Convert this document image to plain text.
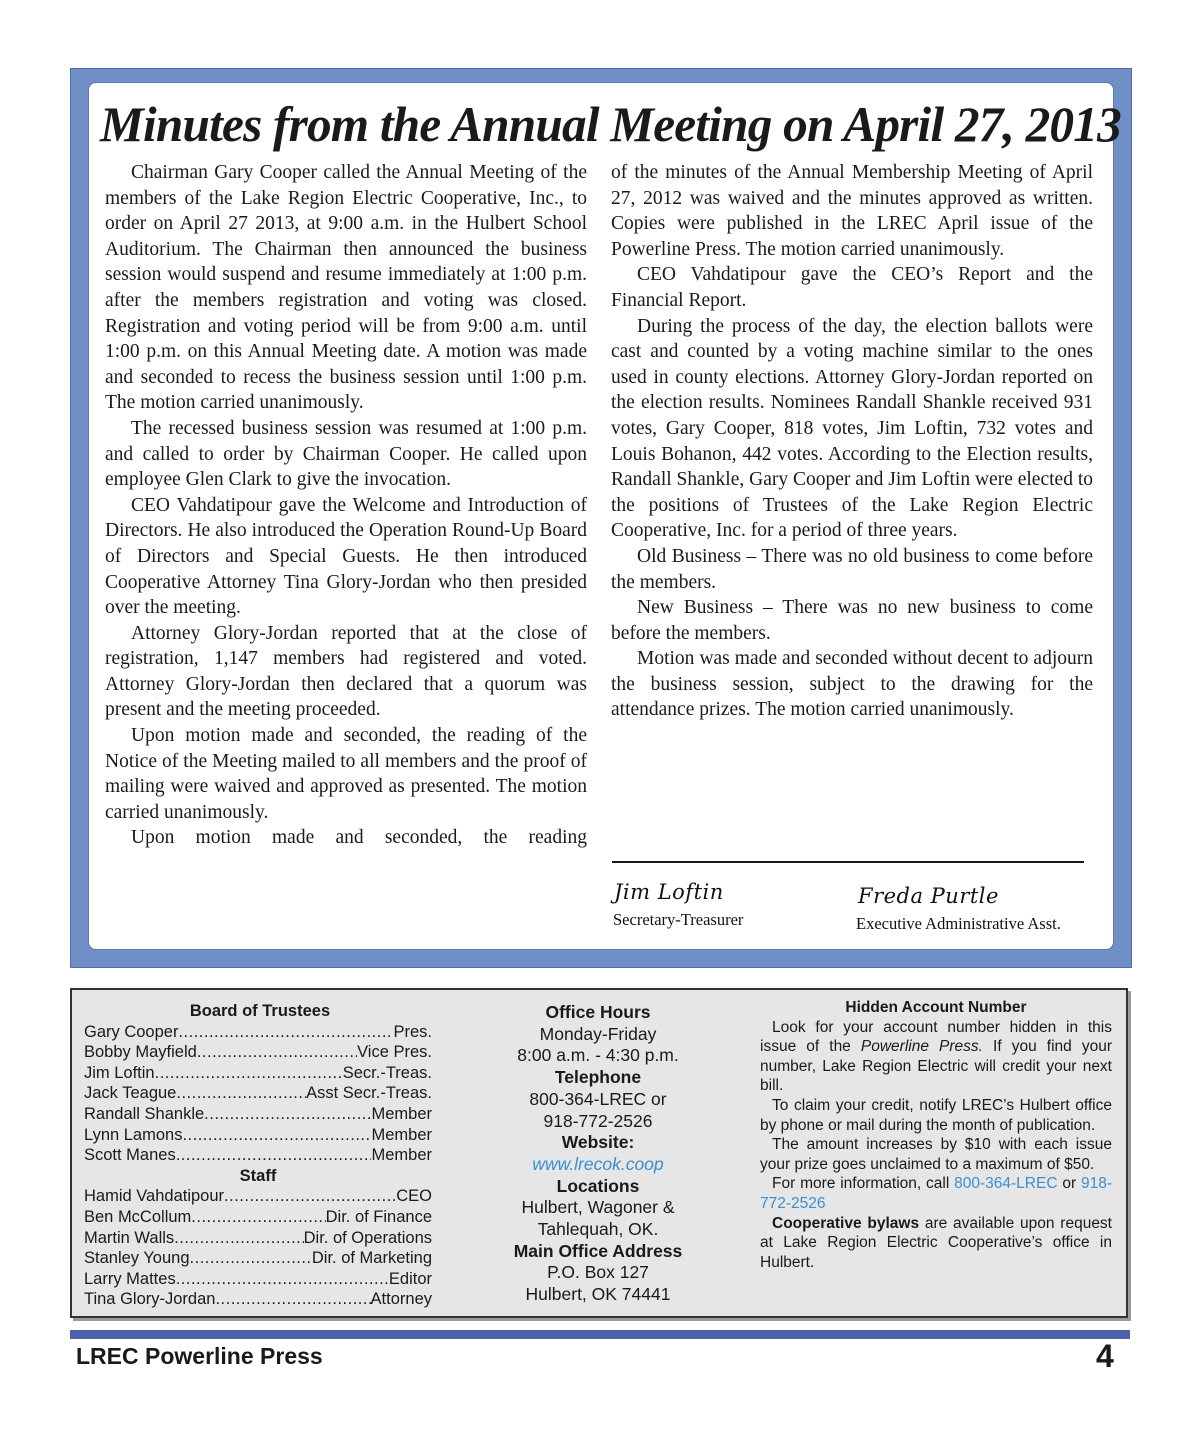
Minutes from the Annual Meeting on April 27, 2013

Chairman Gary Cooper called the Annual Meeting of the members of the Lake Region Electric Cooperative, Inc., to order on April 27 2013, at 9:00 a.m. in the Hulbert School Auditorium. The Chairman then announced the business session would suspend and resume immediately at 1:00 p.m. after the members registration and voting was closed. Registration and voting period will be from 9:00 a.m. until 1:00 p.m. on this Annual Meeting date. A motion was made and seconded to recess the business session until 1:00 p.m. The motion carried unanimously.

The recessed business session was resumed at 1:00 p.m. and called to order by Chairman Cooper. He called upon employee Glen Clark to give the invocation.

CEO Vahdatipour gave the Welcome and Introduction of Directors. He also introduced the Operation Round-Up Board of Directors and Special Guests. He then introduced Cooperative Attorney Tina Glory-Jordan who then presided over the meeting.

Attorney Glory-Jordan reported that at the close of registration, 1,147 members had registered and voted. Attorney Glory-Jordan then declared that a quorum was present and the meeting proceeded.

Upon motion made and seconded, the reading of the Notice of the Meeting mailed to all members and the proof of mailing were waived and approved as presented. The motion carried unanimously.

Upon motion made and seconded, the reading

of the minutes of the Annual Membership Meeting of April 27, 2012 was waived and the minutes approved as written. Copies were published in the LREC April issue of the Powerline Press. The motion carried unanimously.

CEO Vahdatipour gave the CEO’s Report and the Financial Report.

During the process of the day, the election ballots were cast and counted by a voting machine similar to the ones used in county elections. Attorney Glory-Jordan reported on the election results. Nominees Randall Shankle received 931 votes, Gary Cooper, 818 votes, Jim Loftin, 732 votes and Louis Bohanon, 442 votes. According to the Election results, Randall Shankle, Gary Cooper and Jim Loftin were elected to the positions of Trustees of the Lake Region Electric Cooperative, Inc. for a period of three years.

Old Business – There was no old business to come before the members.

New Business – There was no new business to come before the members.

Motion was made and seconded without decent to adjourn the business session, subject to the drawing for the attendance prizes. The motion carried unanimously.

Jim Loftin
Secretary-Treasurer
Freda Purtle
Executive Administrative Asst.
Board of Trustees
Gary Cooper .....	Pres.
Bobby Mayfield .....	Vice Pres.
Jim Loftin .....	Secr.-Treas.
Jack Teague .....	Asst Secr.-Treas.
Randall Shankle .....	Member
Lynn Lamons .....	Member
Scott Manes .....	Member
Staff
Hamid Vahdatipour .....	CEO
Ben McCollum .....	Dir. of Finance
Martin Walls .....	Dir. of Operations
Stanley Young .....	Dir. of Marketing
Larry Mattes .....	Editor
Tina Glory-Jordan .....	Attorney
Office Hours
Monday-Friday
8:00 a.m. - 4:30 p.m.
Telephone
800-364-LREC or
918-772-2526
Website:
www.lrecok.coop
Locations
Hulbert, Wagoner &
Tahlequah, OK.
Main Office Address
P.O. Box 127
Hulbert, OK 74441
Hidden Account Number

Look for your account number hidden in this issue of the Powerline Press. If you find your number, Lake Region Electric will credit your next bill.

To claim your credit, notify LREC’s Hulbert office by phone or mail during the month of publication.

The amount increases by $10 with each issue your prize goes unclaimed to a maximum of $50.

For more information, call 800-364-LREC or 918-772-2526

Cooperative bylaws are available upon request at Lake Region Electric Cooperative’s office in Hulbert.

LREC Powerline Press	4
